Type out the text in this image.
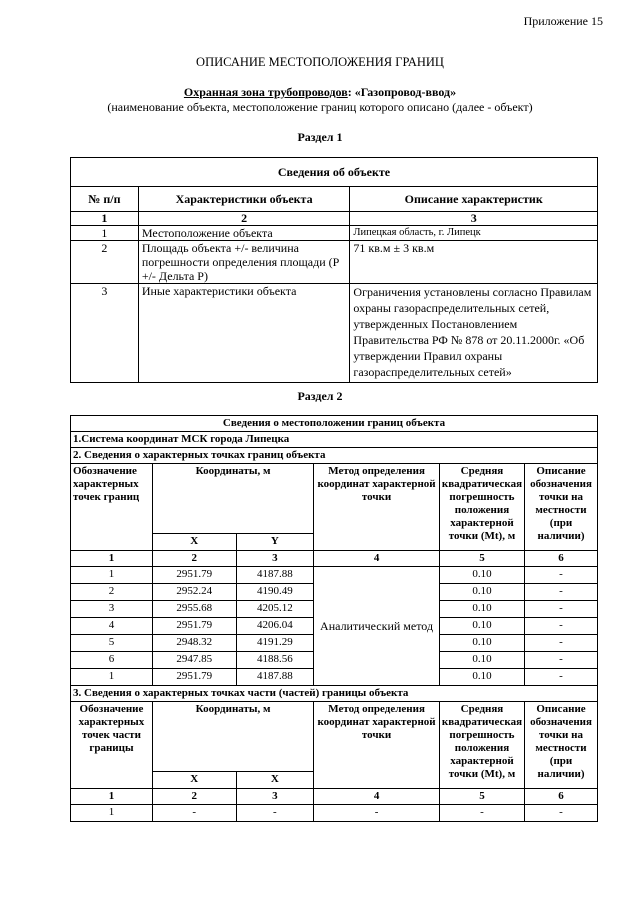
Приложение 15
ОПИСАНИЕ МЕСТОПОЛОЖЕНИЯ ГРАНИЦ
Охранная зона трубопроводов: «Газопровод-ввод»
(наименование объекта, местоположение границ которого описано (далее - объект)
Раздел 1
Сведения об объекте		
№ п/п	Характеристики объекта	Описание характеристик
1	2	3
1	Местоположение объекта	Липецкая область, г. Липецк
2	Площадь объекта +/- величина погрешности определения площади (Р +/- Дельта Р)	71 кв.м ± 3 кв.м
3	Иные характеристики объекта	Ограничения установлены согласно Правилам охраны газораспределительных сетей, утвержденных Постановлением Правительства РФ № 878 от 20.11.2000г. «Об утверждении Правил охраны газораспределительных сетей»
Раздел 2
Сведения о местоположении границ объекта					
1.Система координат МСК города Липецка					
2. Сведения о характерных точках границ объекта					
Обозначение характерных точек границ	Координаты, м		Метод определения координат характерной точки	Средняя квадратическая погрешность положения характерной точки (Mt), м	Описание обозначения точки на местности (при наличии)
	X	Y			
1	2	3	4	5	6
1	2951.79	4187.88	Аналитический метод	0.10	-
2	2952.24	4190.49		0.10	-
3	2955.68	4205.12		0.10	-
4	2951.79	4206.04		0.10	-
5	2948.32	4191.29		0.10	-
6	2947.85	4188.56		0.10	-
1	2951.79	4187.88		0.10	-
3. Сведения о характерных точках части (частей) границы объекта					
Обозначение характерных точек части границы	Координаты, м		Метод определения координат характерной точки	Средняя квадратическая погрешность положения характерной точки (Mt), м	Описание обозначения точки на местности (при наличии)
	X	X			
1	2	3	4	5	6
1	-	-	-	-	-
